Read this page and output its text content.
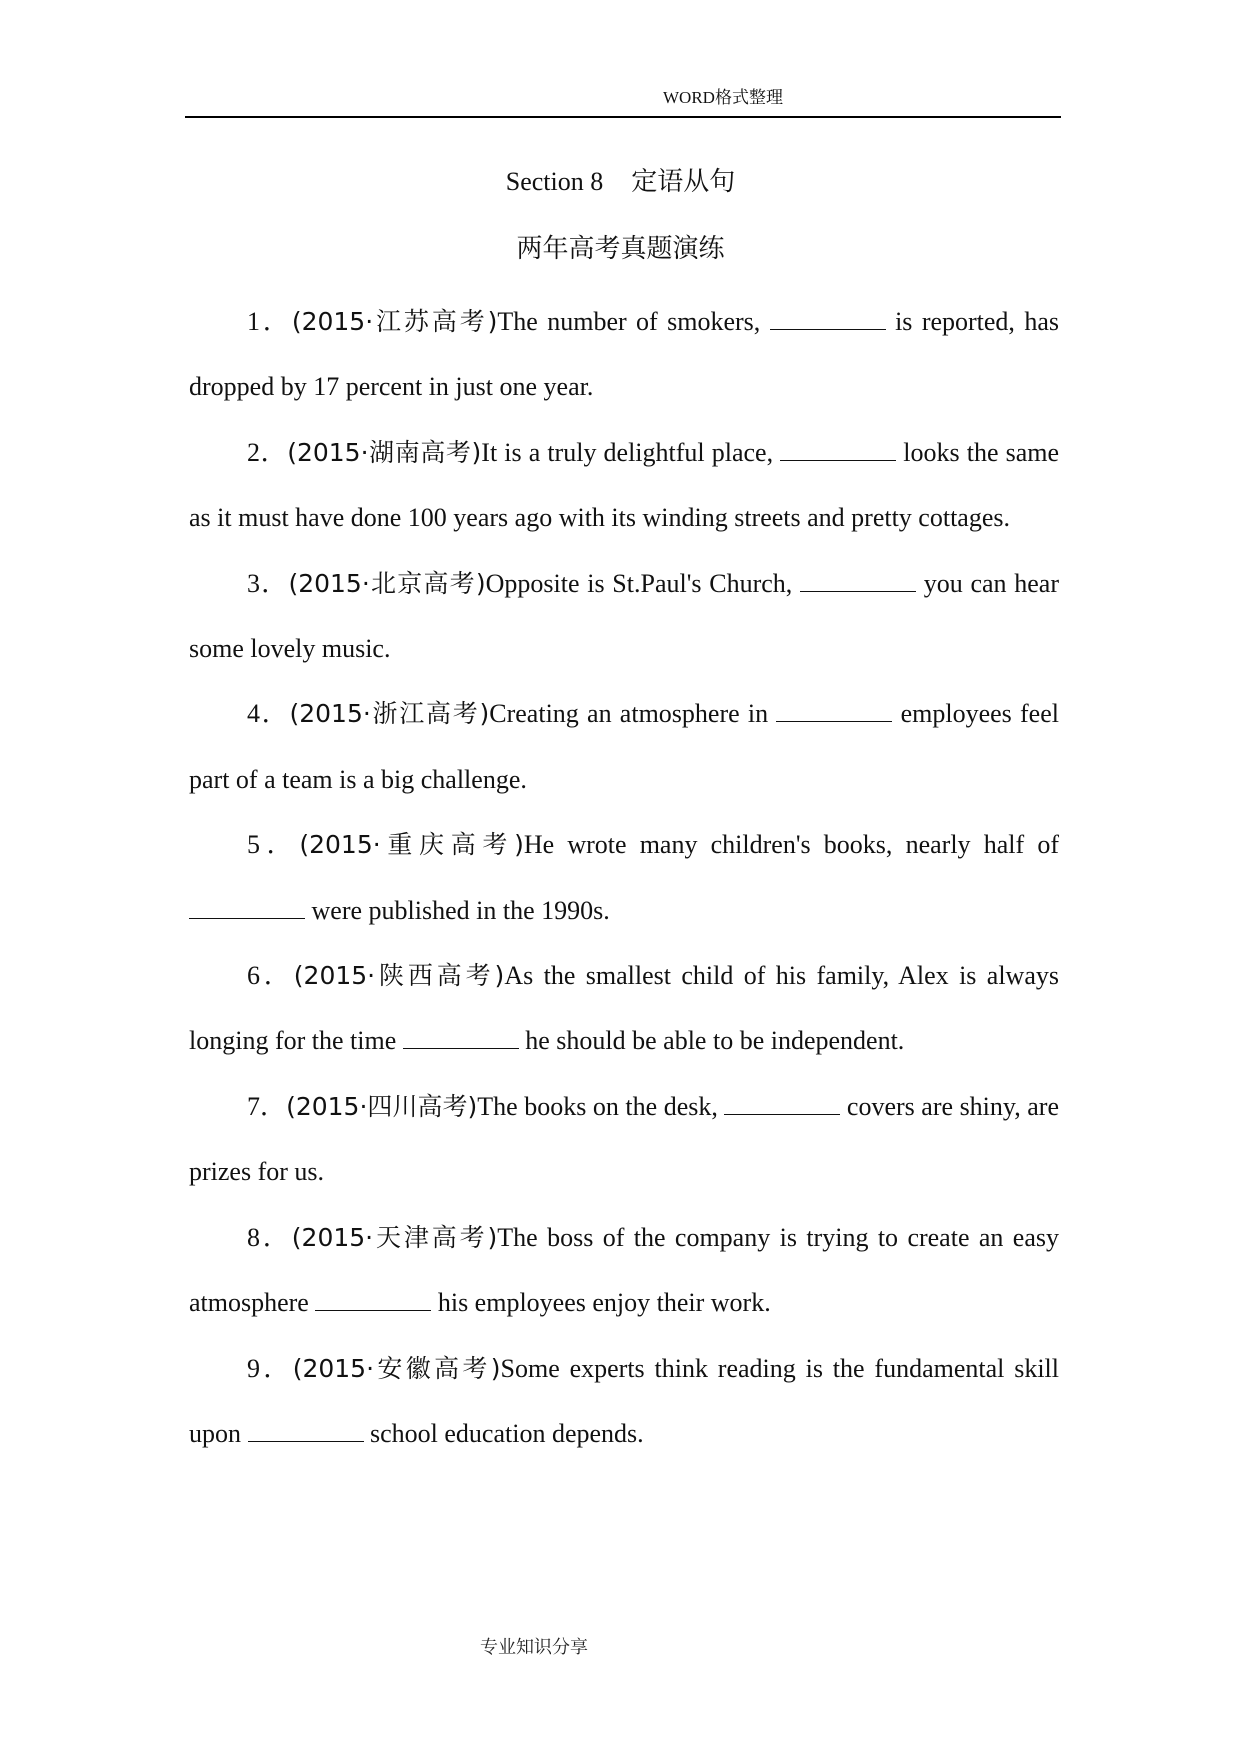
WORD格式整理
Section 8 定语从句
两年高考真题演练
1．(2015·江苏高考)The number of smokers,	is reported, has dropped by 17 percent in just one year.
2．(2015·湖南高考)It is a truly delightful place,	looks the same as it must have done 100 years ago with its winding streets and pretty cottages.
3．(2015·北京高考)Opposite is St.Paul's Church,	you can hear some lovely music.
4．(2015·浙江高考)Creating an atmosphere in	employees feel part of a team is a big challenge.
5．(2015·重庆高考)He wrote many children's books, nearly half of  were published in the 1990s.
6．(2015·陕西高考)As the smallest child of his family, Alex is always longing for the time	he should be able to be independent.
7．(2015·四川高考)The books on the desk,	covers are shiny, are prizes for us.
8．(2015·天津高考)The boss of the company is trying to create an easy atmosphere	his employees enjoy their work.
9．(2015·安徽高考)Some experts think reading is the fundamental skill upon	school education depends.
专业知识分享
